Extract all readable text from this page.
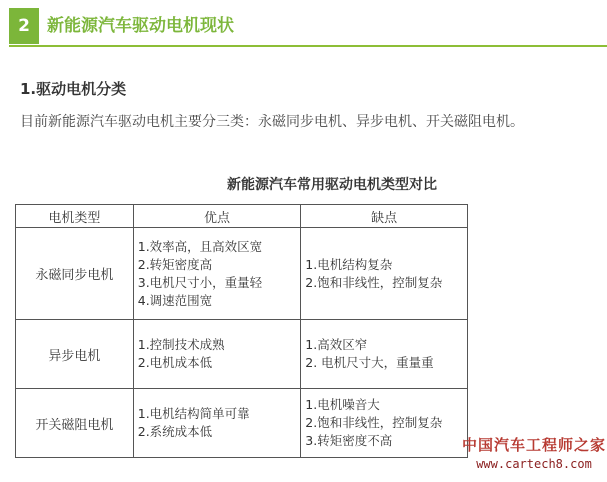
2	新能源汽车驱动电机现状
1.驱动电机分类
目前新能源汽车驱动电机主要分三类：永磁同步电机、异步电机、开关磁阻电机。
新能源汽车常用驱动电机类型对比
电机类型	优点	缺点
永磁同步电机	1.效率高，且高效区宽
2.转矩密度高
3.电机尺寸小，重量轻
4.调速范围宽	1.电机结构复杂
2.饱和非线性，控制复杂

异步电机	1.控制技术成熟
2.电机成本低	1.高效区窄
2. 电机尺寸大，重量重

开关磁阻电机	1.电机结构简单可靠
2.系统成本低	1.电机噪音大
2.饱和非线性，控制复杂
3.转矩密度不高	中国汽车工程师之家
www.cartech8.com
